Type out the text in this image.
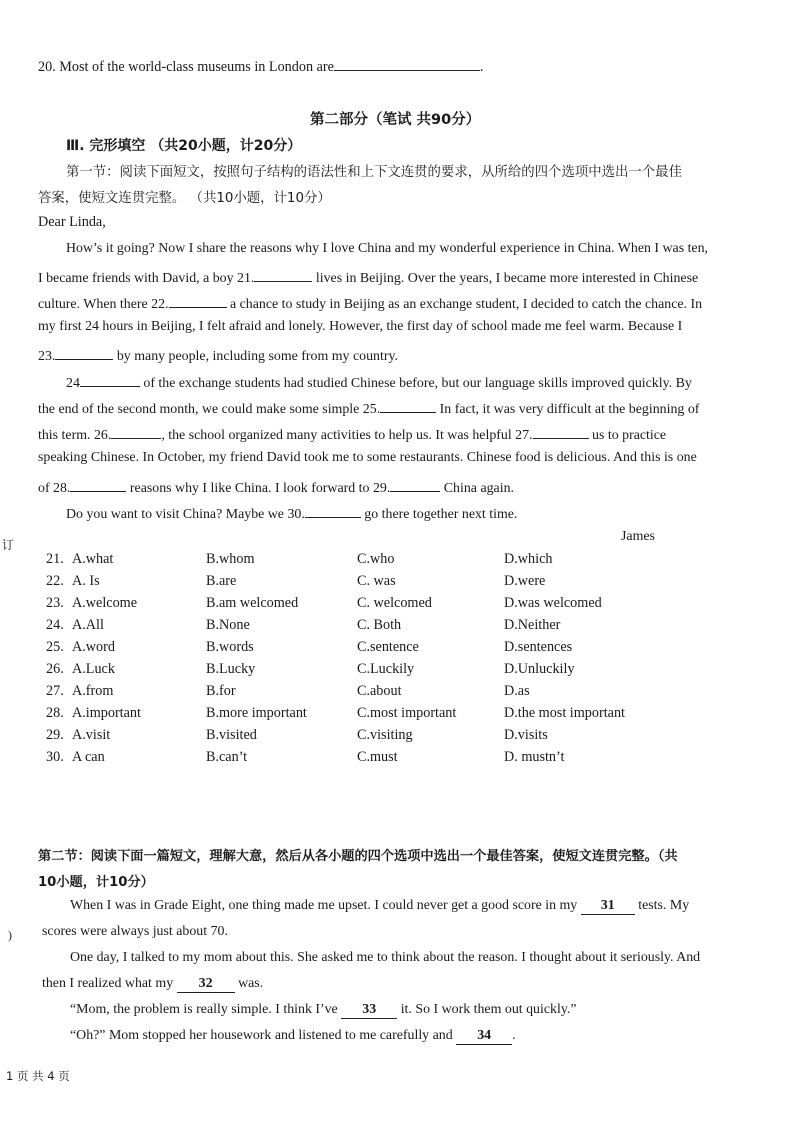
20. Most of the world-class museums in London are	.
第二部分（笔试 共90分）
Ⅲ. 完形填空 （共20小题，计20分）
第一节：阅读下面短文，按照句子结构的语法性和上下文连贯的要求，从所给的四个选项中选出一个最佳
答案，使短文连贯完整。 （共10小题，计10分）
Dear Linda,
How’s it going? Now I share the reasons why I love China and my wonderful experience in China. When I was ten,
I became friends with David, a boy 21.	lives in Beijing. Over the years, I became more interested in Chinese
culture. When there 22.	a chance to study in Beijing as an exchange student, I decided to catch the chance. In
my first 24 hours in Beijing, I felt afraid and lonely. However, the first day of school made me feel warm. Because I
23.	by many people, including some from my country.
24	of the exchange students had studied Chinese before, but our language skills improved quickly. By
the end of the second month, we could make some simple 25.	In fact, it was very difficult at the beginning of
this term. 26.	, the school organized many activities to help us. It was helpful 27.	us to practice
speaking Chinese. In October, my friend David took me to some restaurants. Chinese food is delicious. And this is one
of 28.	reasons why I like China. I look forward to 29.	China again.
Do you want to visit China? Maybe we 30.	go there together next time.
James
订
)
21. A.what	B.whom	C.who	D.which
22. A. Is	B.are	C. was	D.were
23. A.welcome	B.am welcomed	C. welcomed	D.was welcomed
24. A.All	B.None	C. Both	D.Neither
25. A.word	B.words	C.sentence	D.sentences
26. A.Luck	B.Lucky	C.Luckily	D.Unluckily
27. A.from	B.for	C.about	D.as
28. A.important	B.more important	C.most important	D.the most important
29. A.visit	B.visited	C.visiting	D.visits
30. A can	B.can’t	C.must	D. mustn’t
第二节：阅读下面一篇短文，理解大意，然后从各小题的四个选项中选出一个最佳答案，使短文连贯完整。（共
10小题，计10分）
When I was in Grade Eight, one thing made me upset. I could never get a good score in my 31 tests. My
scores were always just about 70.
One day, I talked to my mom about this. She asked me to think about the reason. I thought about it seriously. And
then I realized what my 32 was.
“Mom, the problem is really simple. I think I’ve 33 it. So I work them out quickly.”
“Oh?” Mom stopped her housework and listened to me carefully and 34 .
1 页 共 4 页
